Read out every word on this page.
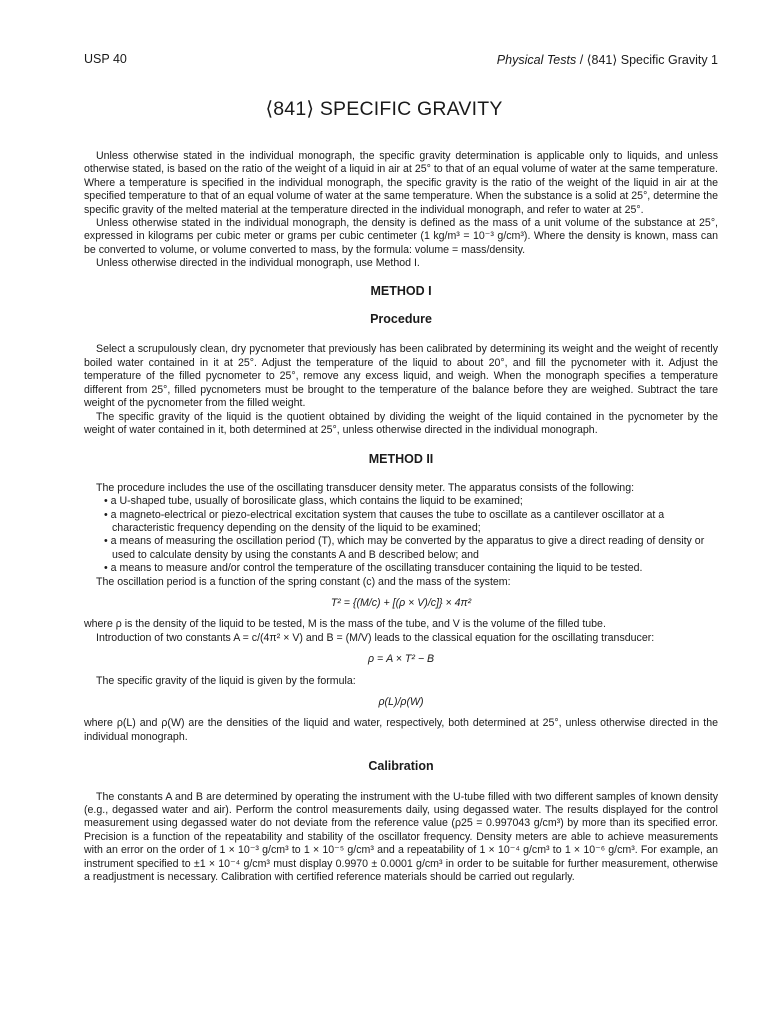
USP 40	Physical Tests / ⟨841⟩ Specific Gravity 1
⟨841⟩ SPECIFIC GRAVITY

Unless otherwise stated in the individual monograph, the specific gravity determination is applicable only to liquids, and unless otherwise stated, is based on the ratio of the weight of a liquid in air at 25° to that of an equal volume of water at the same temperature. Where a temperature is specified in the individual monograph, the specific gravity is the ratio of the weight of the liquid in air at the specified temperature to that of an equal volume of water at the same temperature. When the substance is a solid at 25°, determine the specific gravity of the melted material at the temperature directed in the individual monograph, and refer to water at 25°.

Unless otherwise stated in the individual monograph, the density is defined as the mass of a unit volume of the substance at 25°, expressed in kilograms per cubic meter or grams per cubic centimeter (1 kg/m³ = 10⁻³ g/cm³). Where the density is known, mass can be converted to volume, or volume converted to mass, by the formula: volume = mass/density.

Unless otherwise directed in the individual monograph, use Method I.

METHOD I
Procedure

Select a scrupulously clean, dry pycnometer that previously has been calibrated by determining its weight and the weight of recently boiled water contained in it at 25°. Adjust the temperature of the liquid to about 20°, and fill the pycnometer with it. Adjust the temperature of the filled pycnometer to 25°, remove any excess liquid, and weigh. When the monograph specifies a temperature different from 25°, filled pycnometers must be brought to the temperature of the balance before they are weighed. Subtract the tare weight of the pycnometer from the filled weight.

The specific gravity of the liquid is the quotient obtained by dividing the weight of the liquid contained in the pycnometer by the weight of water contained in it, both determined at 25°, unless otherwise directed in the individual monograph.

METHOD II

The procedure includes the use of the oscillating transducer density meter. The apparatus consists of the following:

• a U-shaped tube, usually of borosilicate glass, which contains the liquid to be examined;
• a magneto-electrical or piezo-electrical excitation system that causes the tube to oscillate as a cantilever oscillator at a characteristic frequency depending on the density of the liquid to be examined;
• a means of measuring the oscillation period (T), which may be converted by the apparatus to give a direct reading of density or used to calculate density by using the constants A and B described below; and
• a means to measure and/or control the temperature of the oscillating transducer containing the liquid to be tested.

The oscillation period is a function of the spring constant (c) and the mass of the system:

T² = {(M/c) + [(ρ × V)/c]} × 4π²

where ρ is the density of the liquid to be tested, M is the mass of the tube, and V is the volume of the filled tube.

Introduction of two constants A = c/(4π² × V) and B = (M/V) leads to the classical equation for the oscillating transducer:

ρ = A × T² − B

The specific gravity of the liquid is given by the formula:

ρ(L)/ρ(W)

where ρ(L) and ρ(W) are the densities of the liquid and water, respectively, both determined at 25°, unless otherwise directed in the individual monograph.

Calibration

The constants A and B are determined by operating the instrument with the U-tube filled with two different samples of known density (e.g., degassed water and air). Perform the control measurements daily, using degassed water. The results displayed for the control measurement using degassed water do not deviate from the reference value (ρ25 = 0.997043 g/cm³) by more than its specified error. Precision is a function of the repeatability and stability of the oscillator frequency. Density meters are able to achieve measurements with an error on the order of 1 × 10⁻³ g/cm³ to 1 × 10⁻⁵ g/cm³ and a repeatability of 1 × 10⁻⁴ g/cm³ to 1 × 10⁻⁶ g/cm³. For example, an instrument specified to ±1 × 10⁻⁴ g/cm³ must display 0.9970 ± 0.0001 g/cm³ in order to be suitable for further measurement, otherwise a readjustment is necessary. Calibration with certified reference materials should be carried out regularly.
